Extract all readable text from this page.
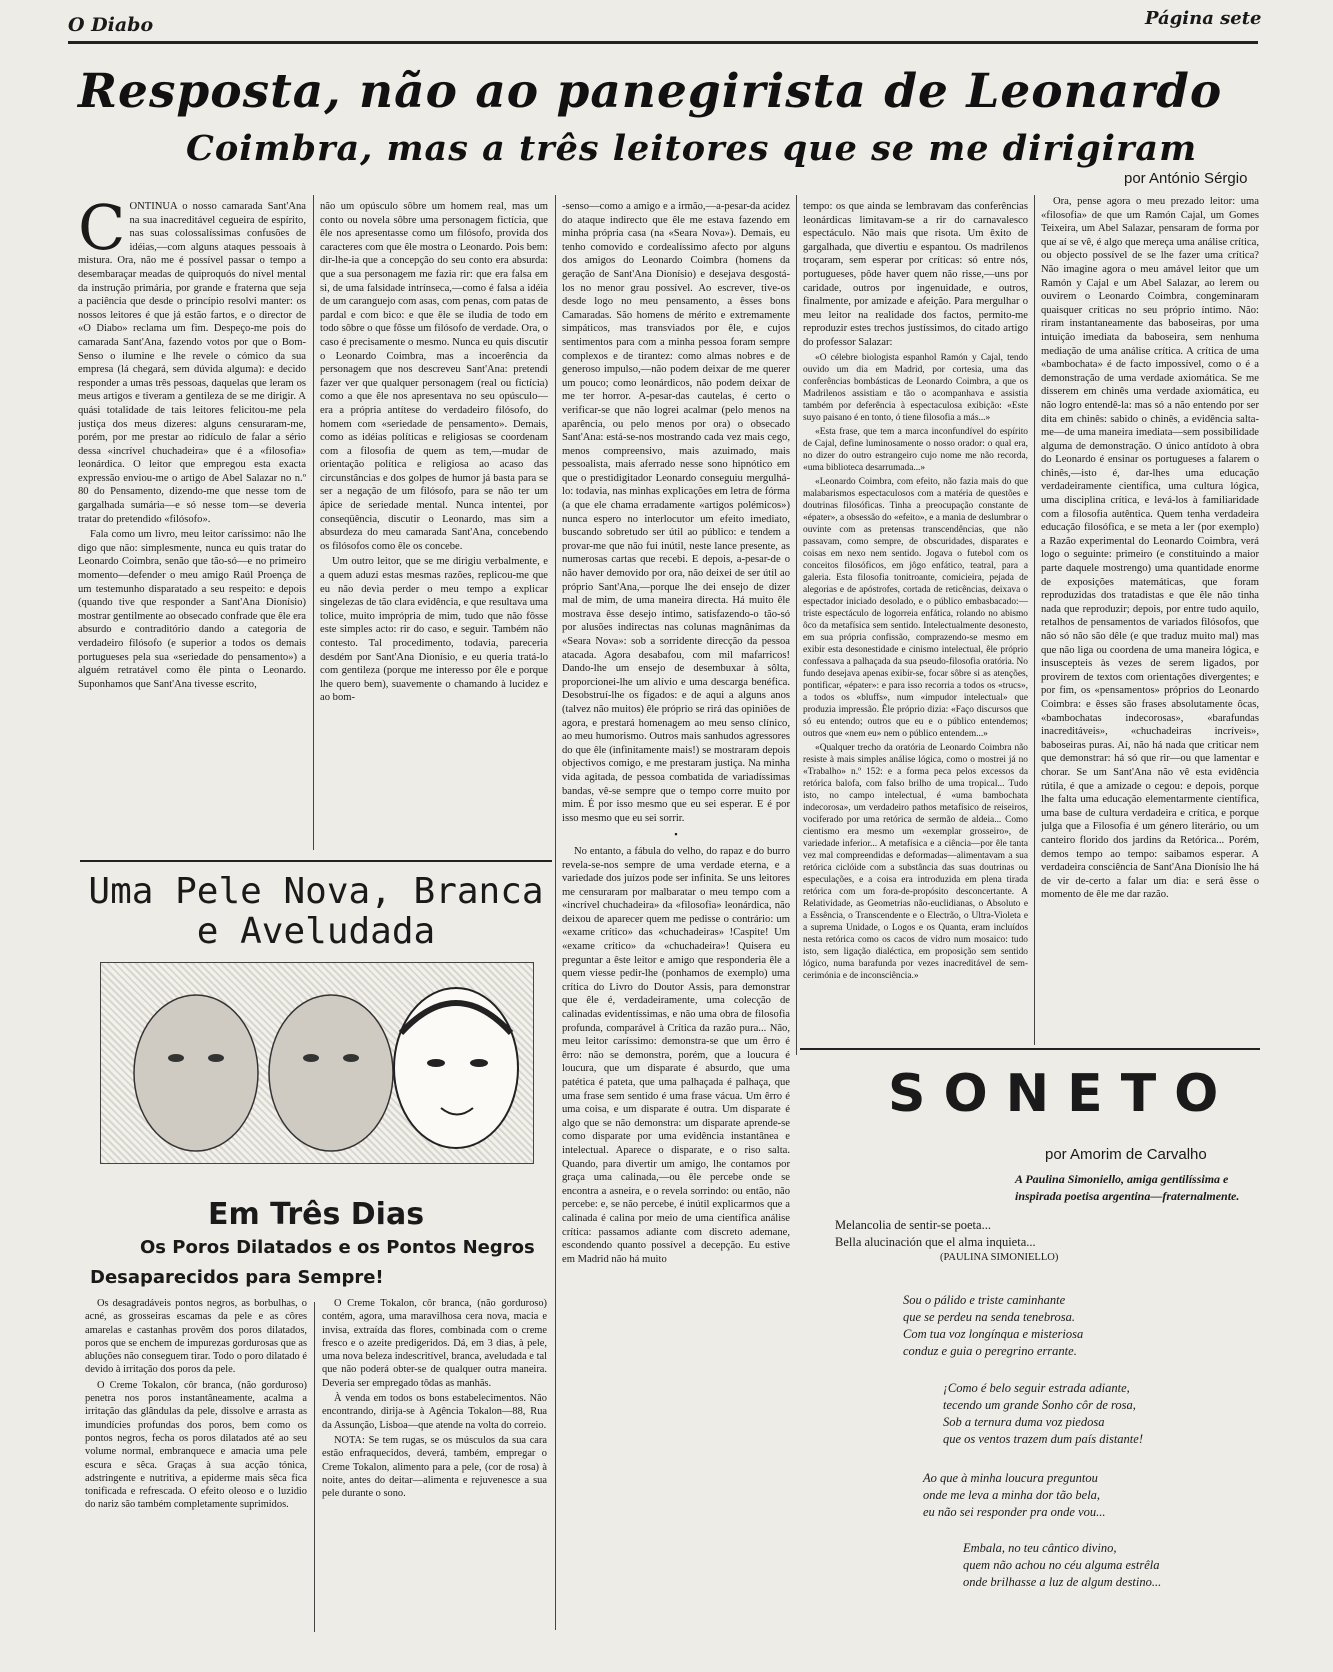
O Diabo	Página sete
Resposta, não ao panegirista de Leonardo
Coimbra, mas a três leitores que se me dirigiram
por António Sérgio
C ONTINUA o nosso camarada Sant'Ana na sua inacreditável cegueira de espírito, nas suas colossalíssimas confusões de idéias,—com alguns ataques pessoais à mistura. Ora, não me é possível passar o tempo a desembaraçar meadas de quiproquós do nível mental da instrução primária, por grande e fraterna que seja a paciência que desde o princípio resolvi manter: os nossos leitores é que já estão fartos, e o director de «O Diabo» reclama um fim. Despeço-me pois do camarada Sant'Ana, fazendo votos por que o Bom-Senso o ilumine e lhe revele o cómico da sua empresa (lá chegará, sem dúvida alguma): e decido responder a umas três pessoas, daquelas que leram os meus artigos e tiveram a gentileza de se me dirigir. A quási totalidade de tais leitores felicitou-me pela justiça dos meus dizeres: alguns censuraram-me, porém, por me prestar ao ridículo de falar a sério dessa «incrível chuchadeira» que é a «filosofia» leonárdica. O leitor que empregou esta exacta expressão enviou-me o artigo de Abel Salazar no n.º 80 do Pensamento, dizendo-me que nesse tom de gargalhada sumária—e só nesse tom—se deveria tratar do pretendido «filósofo».

Fala como um livro, meu leitor caríssimo: não lhe digo que não: simplesmente, nunca eu quis tratar do Leonardo Coimbra, senão que tão-só—e no primeiro momento—defender o meu amigo Raúl Proença de um testemunho disparatado a seu respeito: e depois (quando tive que responder a Sant'Ana Dionísio) mostrar gentilmente ao obsecado confrade que êle era absurdo e contraditório dando a categoria de verdadeiro filósofo (e superior a todos os demais portugueses pela sua «seriedade do pensamento») a alguém retratável como êle pinta o Leonardo. Suponhamos que Sant'Ana tivesse escrito,

não um opúsculo sôbre um homem real, mas um conto ou novela sôbre uma personagem fictícia, que êle nos apresentasse como um filósofo, provida dos caracteres com que êle mostra o Leonardo. Pois bem: dir-lhe-ia que a concepção do seu conto era absurda: que a sua personagem me fazia rir: que era falsa em si, de uma falsidade intrínseca,—como é falsa a idéia de um caranguejo com asas, com penas, com patas de pardal e com bico: e que êle se iludia de todo em todo sôbre o que fôsse um filósofo de verdade. Ora, o caso é precisamente o mesmo. Nunca eu quis discutir o Leonardo Coimbra, mas a incoerência da personagem que nos descreveu Sant'Ana: pretendi fazer ver que qualquer personagem (real ou fictícia) como a que êle nos apresentava no seu opúsculo—era a própria antítese do verdadeiro filósofo, do homem com «seriedade de pensamento». Demais, como as idéias políticas e religiosas se coordenam com a filosofia de quem as tem,—mudar de orientação política e religiosa ao acaso das circunstâncias e dos golpes de humor já basta para se ser a negação de um filósofo, para se não ter um ápice de seriedade mental. Nunca intentei, por conseqüência, discutir o Leonardo, mas sim a absurdeza do meu camarada Sant'Ana, concebendo os filósofos como êle os concebe.

Um outro leitor, que se me dirigiu verbalmente, e a quem aduzi estas mesmas razões, replicou-me que eu não devia perder o meu tempo a explicar singelezas de tão clara evidência, e que resultava uma tolice, muito imprópria de mim, tudo que não fôsse este simples acto: rir do caso, e seguir. Também não contesto. Tal procedimento, todavia, pareceria desdém por Sant'Ana Dionísio, e eu queria tratá-lo com gentileza (porque me interesso por êle e porque lhe quero bem), suavemente o chamando à lucidez e ao bom-

-senso—como a amigo e a irmão,—a-pesar-da acidez do ataque indirecto que êle me estava fazendo em minha própria casa (na «Seara Nova»). Demais, eu tenho comovido e cordealíssimo afecto por alguns dos amigos do Leonardo Coimbra (homens da geração de Sant'Ana Dionísio) e desejava desgostá-los no menor grau possível. Ao escrever, tive-os desde logo no meu pensamento, a êsses bons Camaradas. São homens de mérito e extremamente simpáticos, mas transviados por êle, e cujos sentimentos para com a minha pessoa foram sempre complexos e de tirantez: como almas nobres e de generoso impulso,—não podem deixar de me querer um pouco; como leonárdicos, não podem deixar de me ter horror. A-pesar-das cautelas, é certo o verificar-se que não logrei acalmar (pelo menos na aparência, ou pelo menos por ora) o obsecado Sant'Ana: está-se-nos mostrando cada vez mais cego, menos compreensivo, mais azuimado, mais pessoalista, mais aferrado nesse sono hipnótico em que o prestidigitador Leonardo conseguiu mergulhá-lo: todavia, nas minhas explicações em letra de fórma (a que ele chama erradamente «artigos polémicos») nunca espero no interlocutor um efeito imediato, buscando sobretudo ser útil ao público: e tendem a provar-me que não fui inútil, neste lance presente, as numerosas cartas que recebi. E depois, a-pesar-de o não haver demovido por ora, não deixei de ser útil ao próprio Sant'Ana,—porque lhe dei ensejo de dizer mal de mim, de uma maneira directa. Há muito êle mostrava êsse desejo íntimo, satisfazendo-o tão-só por alusões indirectas nas colunas magnânimas da «Seara Nova»: sob a sorridente direcção da pessoa atacada. Agora desabafou, com mil mafarricos! Dando-lhe um ensejo de desembuxar à sôlta, proporcionei-lhe um alívio e uma descarga benéfica. Desobstruí-lhe os fígados: e de aqui a alguns anos (talvez não muitos) êle próprio se rirá das opiniões de agora, e prestará homenagem ao meu senso clínico, ao meu humorismo. Outros mais sanhudos agressores do que êle (infinitamente mais!) se mostraram depois objectivos comigo, e me prestaram justiça. Na minha vida agitada, de pessoa combatida de variadíssimas bandas, vê-se sempre que o tempo corre muito por mim. É por isso mesmo que eu sei esperar. E é por isso mesmo que eu sei sorrir.

▪

No entanto, a fábula do velho, do rapaz e do burro revela-se-nos sempre de uma verdade eterna, e a variedade dos juízos pode ser infinita. Se uns leitores me censuraram por malbaratar o meu tempo com a «incrível chuchadeira» da «filosofia» leonárdica, não deixou de aparecer quem me pedisse o contrário: um «exame crítico» das «chuchadeiras» !Caspite! Um «exame crítico» da «chuchadeira»! Quisera eu preguntar a êste leitor e amigo que responderia êle a quem viesse pedir-lhe (ponhamos de exemplo) uma crítica do Livro do Doutor Assis, para demonstrar que êle é, verdadeiramente, uma colecção de calinadas evidentíssimas, e não uma obra de filosofia profunda, comparável à Crítica da razão pura... Não, meu leitor caríssimo: demonstra-se que um êrro é êrro: não se demonstra, porém, que a loucura é loucura, que um disparate é absurdo, que uma patética é pateta, que uma palhaçada é palhaça, que uma frase sem sentido é uma frase vácua. Um êrro é uma coisa, e um disparate é outra. Um disparate é algo que se não demonstra: um disparate aprende-se como disparate por uma evidência instantânea e intelectual. Aparece o disparate, e o riso salta. Quando, para divertir um amigo, lhe contamos por graça uma calinada,—ou êle percebe onde se encontra a asneira, e o revela sorrindo: ou então, não percebe: e, se não percebe, é inútil explicarmos que a calinada é calina por meio de uma científica análise crítica: passamos adiante com discreto ademane, escondendo quanto possível a decepção. Eu estive em Madrid não há muito

tempo: os que ainda se lembravam das conferências leonárdicas limitavam-se a rir do carnavalesco espectáculo. Não mais que risota. Um êxito de gargalhada, que divertiu e espantou. Os madrilenos troçaram, sem esperar por críticas: só entre nós, portugueses, pôde haver quem não risse,—uns por caridade, outros por ingenuidade, e outros, finalmente, por amizade e afeição. Para mergulhar o meu leitor na realidade dos factos, permito-me reproduzir estes trechos justíssimos, do citado artigo do professor Salazar:

«O célebre biologista espanhol Ramón y Cajal, tendo ouvido um dia em Madrid, por cortesia, uma das conferências bombásticas de Leonardo Coimbra, a que os Madrilenos assistiam e tão o acompanhava e assistia também por deferência à espectaculosa exibição: «Este suyo paisano é en tonto, ó tiene filosofia a más...»

«Esta frase, que tem a marca inconfundível do espírito de Cajal, define luminosamente o nosso orador: o qual era, no dizer do outro estrangeiro cujo nome me não recorda, «uma biblioteca desarrumada...»

«Leonardo Coimbra, com efeito, não fazia mais do que malabarismos espectaculosos com a matéria de questões e doutrinas filosóficas. Tinha a preocupação constante de «épater», a obsessão do «efeito», e a mania de deslumbrar o ouvinte com as pretensas transcendências, que não passavam, como sempre, de obscuridades, disparates e coisas em nexo nem sentido. Jogava o futebol com os conceitos filosóficos, em jôgo enfático, teatral, para a galeria. Esta filosofia tonitroante, comicieira, pejada de alegorias e de apóstrofes, cortada de reticências, deixava o espectador iniciado desolado, e o público embasbacado:—triste espectáculo de logorreia enfática, rolando no abismo ôco da metafísica sem sentido. Intelectualmente desonesto, em sua própria confissão, comprazendo-se mesmo em exibir esta desonestidade e cinismo intelectual, êle próprio confessava a palhaçada da sua pseudo-filosofia oratória. No fundo desejava apenas exibir-se, focar sôbre si as atenções, pontificar, «épater»: e para isso recorria a todos os «trucs», a todos os «bluffs», num «impudor intelectual» que produzia impressão. Êle próprio dizia: «Faço discursos que só eu entendo; outros que eu e o público entendemos; outros que «nem eu» nem o público entendem...»

«Qualquer trecho da oratória de Leonardo Coimbra não resiste à mais simples análise lógica, como o mostrei já no «Trabalho» n.º 152: e a forma peca pelos excessos da retórica balofa, com falso brilho de uma tropical... Tudo isto, no campo intelectual, é «uma bambochata indecorosa», um verdadeiro pathos metafísico de reiseiros, vociferado por uma retórica de sermão de aldeia... Como cientismo era mesmo um «exemplar grosseiro», de variedade inferior... A metafísica e a ciência—por êle tanta vez mal compreendidas e deformadas—alimentavam a sua retórica ciclóide com a substância das suas doutrinas ou especulações, e a coisa era introduzida em plena tirada retórica com um fora-de-propósito desconcertante. A Relatividade, as Geometrias não-euclidianas, o Absoluto e a Essência, o Transcendente e o Electrão, o Ultra-Violeta e a suprema Unidade, o Logos e os Quanta, eram incluídos nesta retórica como os cacos de vidro num mosaico: tudo isto, sem ligação dialéctica, em proposição sem sentido lógico, numa barafunda por vezes inacreditável de sem-cerimónia e de inconsciência.»

Ora, pense agora o meu prezado leitor: uma «filosofia» de que um Ramón Cajal, um Gomes Teixeira, um Abel Salazar, pensaram de forma por que aí se vê, é algo que mereça uma análise crítica, ou objecto possível de se lhe fazer uma crítica? Não imagine agora o meu amável leitor que um Ramón y Cajal e um Abel Salazar, ao lerem ou ouvirem o Leonardo Coimbra, congeminaram quaisquer críticas no seu próprio íntimo. Não: riram instantaneamente das baboseiras, por uma intuição imediata da baboseira, sem nenhuma mediação de uma análise crítica. A crítica de uma «bambochata» é de facto impossível, como o é a demonstração de uma verdade axiomática. Se me disserem em chinês uma verdade axiomática, eu não logro entendê-la: mas só a não entendo por ser dita em chinês: sabido o chinês, a evidência salta-me—de uma maneira imediata—sem possibilidade alguma de demonstração. O único antídoto à obra do Leonardo é ensinar os portugueses a falarem o chinês,—isto é, dar-lhes uma educação verdadeiramente científica, uma cultura lógica, uma disciplina crítica, e levá-los à familiaridade com a filosofia autêntica. Quem tenha verdadeira educação filosófica, e se meta a ler (por exemplo) a Razão experimental do Leonardo Coimbra, verá logo o seguinte: primeiro (e constituindo a maior parte daquele mostrengo) uma quantidade enorme de exposições matemáticas, que foram reproduzidas dos tratadistas e que êle não tinha nada que reproduzir; depois, por entre tudo aquilo, retalhos de pensamentos de variados filósofos, que não só não são dêle (e que traduz muito mal) mas que não liga ou coordena de uma maneira lógica, e insuscepteis às vezes de serem ligados, por provirem de textos com orientações divergentes; e por fim, os «pensamentos» próprios do Leonardo Coimbra: e êsses são frases absolutamente ôcas, «bambochatas indecorosas», «barafundas inacreditáveis», «chuchadeiras incríveis», baboseiras puras. Aí, não há nada que criticar nem que demonstrar: há só que rir—ou que lamentar e chorar. Se um Sant'Ana não vê esta evidência rútila, é que a amizade o cegou: e depois, porque lhe falta uma educação elementarmente científica, uma base de cultura verdadeira e crítica, e porque julga que a Filosofia é um género literário, ou um canteiro florido dos jardins da Retórica... Porém, demos tempo ao tempo: saibamos esperar. A verdadeira consciência de Sant'Ana Dionísio lhe há de vir de-certo a falar um dia: e será êsse o momento de êle me dar razão.

Uma Pele Nova, Branca
e Aveludada
Em Três Dias
Os Poros Dilatados e os Pontos Negros
Desaparecidos para Sempre!

Os desagradáveis pontos negros, as borbulhas, o acné, as grosseiras escamas da pele e as côres amarelas e castanhas provêm dos poros dilatados, poros que se enchem de impurezas gordurosas que as abluções não conseguem tirar. Todo o poro dilatado é devido à irritação dos poros da pele.

O Creme Tokalon, côr branca, (não gorduroso) penetra nos poros instantâneamente, acalma a irritação das glândulas da pele, dissolve e arrasta as imundícies profundas dos poros, bem como os pontos negros, fecha os poros dilatados até ao seu volume normal, embranquece e amacia uma pele escura e sêca. Graças à sua acção tónica, adstringente e nutritiva, a epiderme mais sêca fica tonificada e refrescada. O efeito oleoso e o luzidio do nariz são também completamente suprimidos.

O Creme Tokalon, côr branca, (não gorduroso) contém, agora, uma maravilhosa cera nova, macia e invisa, extraída das flores, combinada com o creme fresco e o azeite predigeridos. Dá, em 3 dias, à pele, uma nova beleza indescritível, branca, aveludada e tal que não poderá obter-se de qualquer outra maneira. Deveria ser empregado tôdas as manhãs.

À venda em todos os bons estabelecimentos. Não encontrando, dirija-se à Agência Tokalon—88, Rua da Assunção, Lisboa—que atende na volta do correio.

NOTA: Se tem rugas, se os músculos da sua cara estão enfraquecidos, deverá, também, empregar o Creme Tokalon, alimento para a pele, (cor de rosa) à noite, antes do deitar—alimenta e rejuvenesce a sua pele durante o sono.

SONETO
por Amorim de Carvalho
A Paulina Simoniello, amiga gentilíssima e
inspirada poetisa argentina—fraternalmente.
Melancolia de sentir-se poeta...
Bella alucinación que el alma inquieta...
(PAULINA SIMONIELLO)
Sou o pálido e triste caminhante
que se perdeu na senda tenebrosa.
Com tua voz longínqua e misteriosa
conduz e guia o peregrino errante.
¡Como é belo seguir estrada adiante,
tecendo um grande Sonho côr de rosa,
Sob a ternura duma voz piedosa
que os ventos trazem dum país distante!
Ao que à minha loucura preguntou
onde me leva a minha dor tão bela,
eu não sei responder pra onde vou...
Embala, no teu cântico divino,
quem não achou no céu alguma estrêla
onde brilhasse a luz de algum destino...
